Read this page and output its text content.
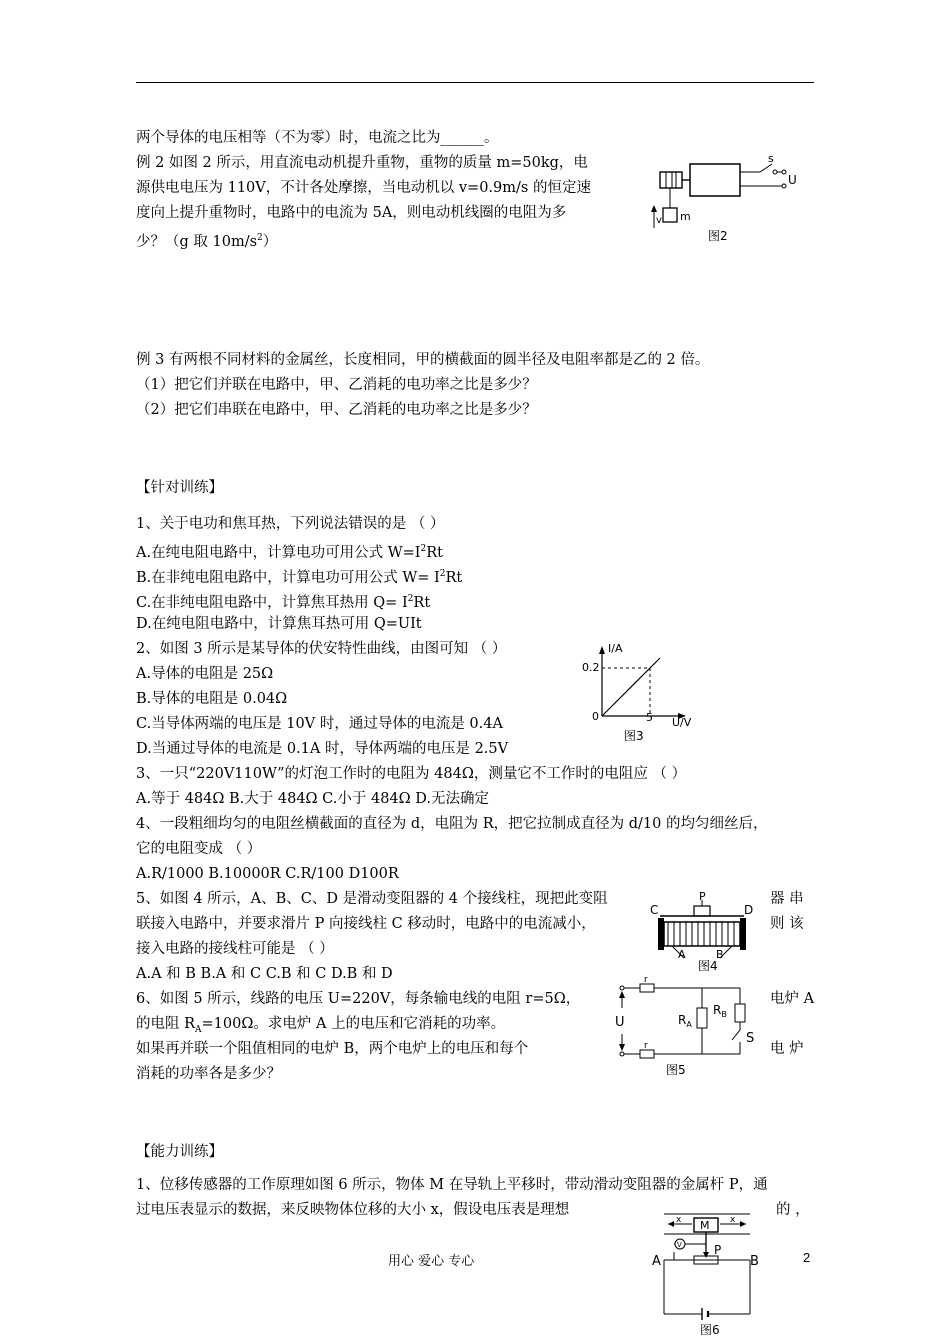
两个导体的电压相等（不为零）时，电流之比为______。
例 2 如图 2 所示，用直流电动机提升重物，重物的质量 m=50kg，电
源供电电压为 110V，不计各处摩擦，当电动机以 v=0.9m/s 的恒定速
度向上提升重物时，电路中的电流为 5A，则电动机线圈的电阻为多
少？（g 取 $10m/s^2$）
例 3 有两根不同材料的金属丝，长度相同，甲的横截面的圆半径及电阻率都是乙的 2 倍。
（1）把它们并联在电路中，甲、乙消耗的电功率之比是多少？
（2）把它们串联在电路中，甲、乙消耗的电功率之比是多少？
【针对训练】
1、关于电功和焦耳热，下列说法错误的是 （ ）
A.在纯电阻电路中，计算电功可用公式 $W=I^2Rt$
B.在非纯电阻电路中，计算电功可用公式 $W= I^2Rt$
C.在非纯电阻电路中，计算焦耳热用 $Q= I^2Rt$
D.在纯电阻电路中，计算焦耳热可用 Q=UIt
2、如图 3 所示是某导体的伏安特性曲线，由图可知 （ ）
A.导体的电阻是 25Ω
B.导体的电阻是 0.04Ω
C.当导体两端的电压是 10V 时，通过导体的电流是 0.4A
D.当通过导体的电流是 0.1A 时，导体两端的电压是 2.5V
3、一只“220V110W”的灯泡工作时的电阻为 484Ω，测量它不工作时的电阻应 （ ）
A.等于 484Ω B.大于 484Ω C.小于 484Ω D.无法确定
4、一段粗细均匀的电阻丝横截面的直径为 d，电阻为 R，把它拉制成直径为 d/10 的均匀细丝后，
它的电阻变成 （ ）
A.R/1000 B.10000R C.R/100 D100R
5、如图 4 所示，A、B、C、D 是滑动变阻器的 4 个接线柱，现把此变阻	器 串
联接入电路中，并要求滑片 P 向接线柱 C 移动时，电路中的电流减小，	则 该
接入电路的接线柱可能是 （ ）
A.A 和 B B.A 和 C C.B 和 C D.B 和 D
6、如图 5 所示，线路的电压 U=220V，每条输电线的电阻 r=5Ω，	电炉 A
的电阻 $R_A=100\Omega$。求电炉 A 上的电压和它消耗的功率。
如果再并联一个阻值相同的电炉 B，两个电炉上的电压和每个	电 炉
消耗的功率各是多少？
【能力训练】
1、位移传感器的工作原理如图 6 所示，物体 M 在导轨上平移时，带动滑动变阻器的金属杆 P，通
过电压表显示的数据，来反映物体位移的大小 x，假设电压表是理想	的 ，
s
U
m
v
图2
I/A
0.2
0	5 U/V
图3
P
C	D
A	B
图4
U
r
r
$R_A$
$R_B$
S
图5
x M x
P
V
A	B
图6
用心 爱心 专心	2
